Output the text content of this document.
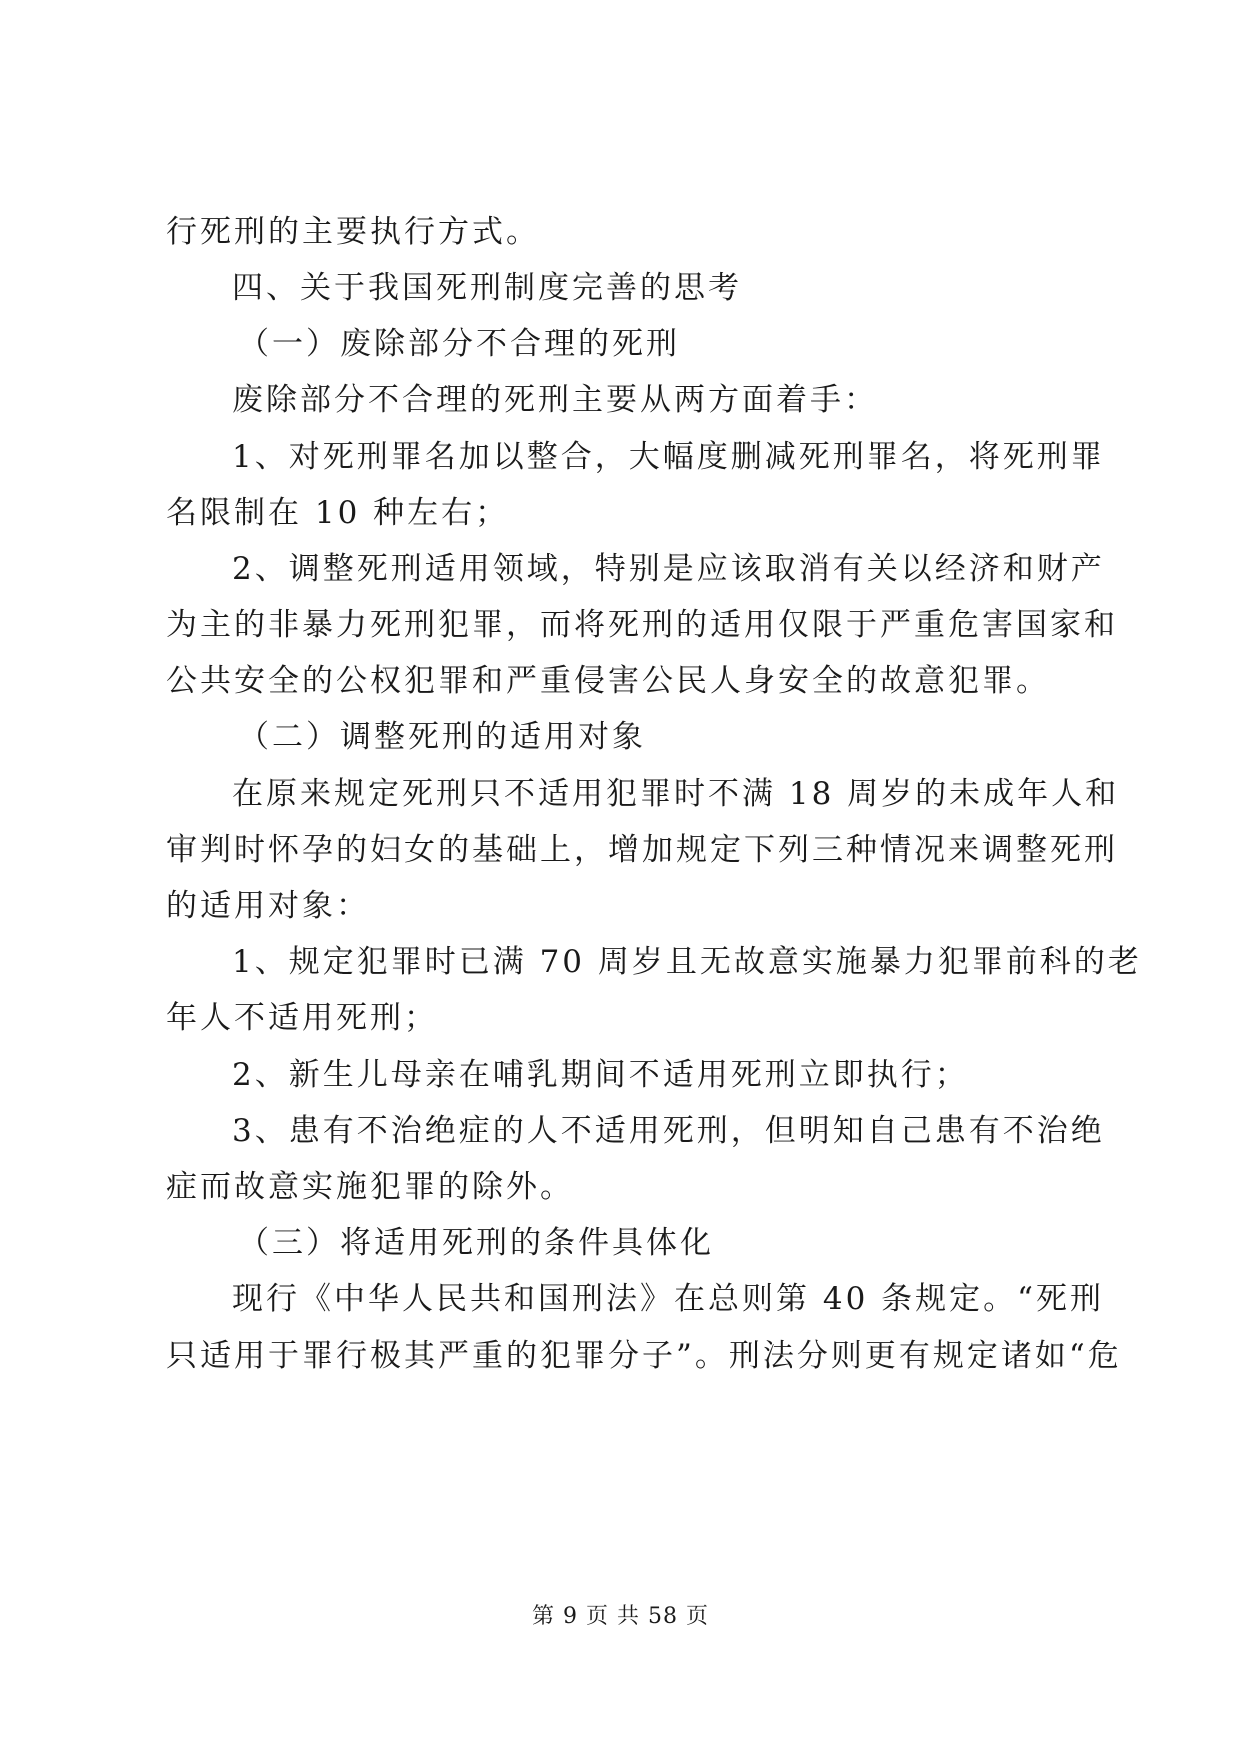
行死刑的主要执行方式。
四、关于我国死刑制度完善的思考
（一）废除部分不合理的死刑
废除部分不合理的死刑主要从两方面着手：
1、对死刑罪名加以整合，大幅度删减死刑罪名，将死刑罪
名限制在 10 种左右；
2、调整死刑适用领域，特别是应该取消有关以经济和财产
为主的非暴力死刑犯罪，而将死刑的适用仅限于严重危害国家和
公共安全的公权犯罪和严重侵害公民人身安全的故意犯罪。
（二）调整死刑的适用对象
在原来规定死刑只不适用犯罪时不满 18 周岁的未成年人和
审判时怀孕的妇女的基础上，增加规定下列三种情况来调整死刑
的适用对象：
1、规定犯罪时已满 70 周岁且无故意实施暴力犯罪前科的老
年人不适用死刑；
2、新生儿母亲在哺乳期间不适用死刑立即执行；
3、患有不治绝症的人不适用死刑，但明知自己患有不治绝
症而故意实施犯罪的除外。
（三）将适用死刑的条件具体化
现行《中华人民共和国刑法》在总则第 40 条规定。“死刑
只适用于罪行极其严重的犯罪分子”。刑法分则更有规定诸如“危
第 9 页 共 58 页
